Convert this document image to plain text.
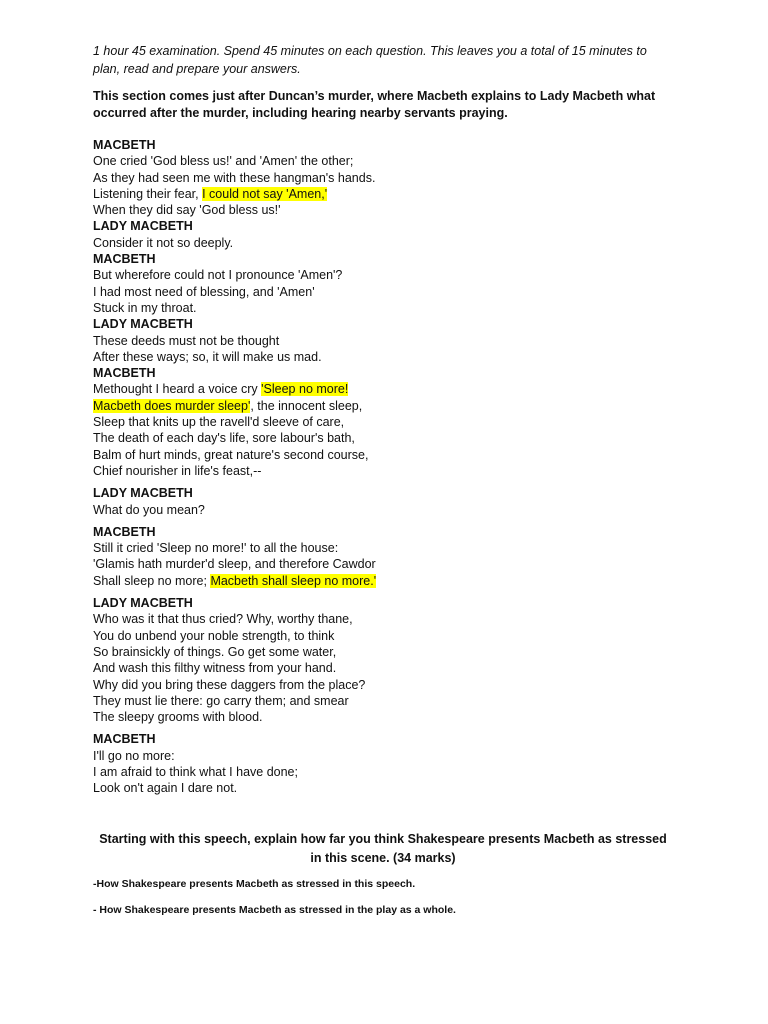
1 hour 45 examination. Spend 45 minutes on each question. This leaves you a total of 15 minutes to plan, read and prepare your answers.

This section comes just after Duncan’s murder, where Macbeth explains to Lady Macbeth what occurred after the murder, including hearing nearby servants praying.

MACBETH
One cried 'God bless us!' and 'Amen' the other;
As they had seen me with these hangman's hands.
Listening their fear, I could not say 'Amen,'
When they did say 'God bless us!'
LADY MACBETH
Consider it not so deeply.
MACBETH
But wherefore could not I pronounce 'Amen'?
I had most need of blessing, and 'Amen'
Stuck in my throat.
LADY MACBETH
These deeds must not be thought
After these ways; so, it will make us mad.
MACBETH
Methought I heard a voice cry 'Sleep no more!
Macbeth does murder sleep', the innocent sleep,
Sleep that knits up the ravell'd sleeve of care,
The death of each day's life, sore labour's bath,
Balm of hurt minds, great nature's second course,
Chief nourisher in life's feast,--
LADY MACBETH
What do you mean?
MACBETH
Still it cried 'Sleep no more!' to all the house:
'Glamis hath murder'd sleep, and therefore Cawdor
Shall sleep no more; Macbeth shall sleep no more.'
LADY MACBETH
Who was it that thus cried? Why, worthy thane,
You do unbend your noble strength, to think
So brainsickly of things. Go get some water,
And wash this filthy witness from your hand.
Why did you bring these daggers from the place?
They must lie there: go carry them; and smear
The sleepy grooms with blood.
MACBETH
I'll go no more:
I am afraid to think what I have done;
Look on't again I dare not.
Starting with this speech, explain how far you think Shakespeare presents Macbeth as stressed in this scene. (34 marks)
-How Shakespeare presents Macbeth as stressed in this speech.
- How Shakespeare presents Macbeth as stressed in the play as a whole.
